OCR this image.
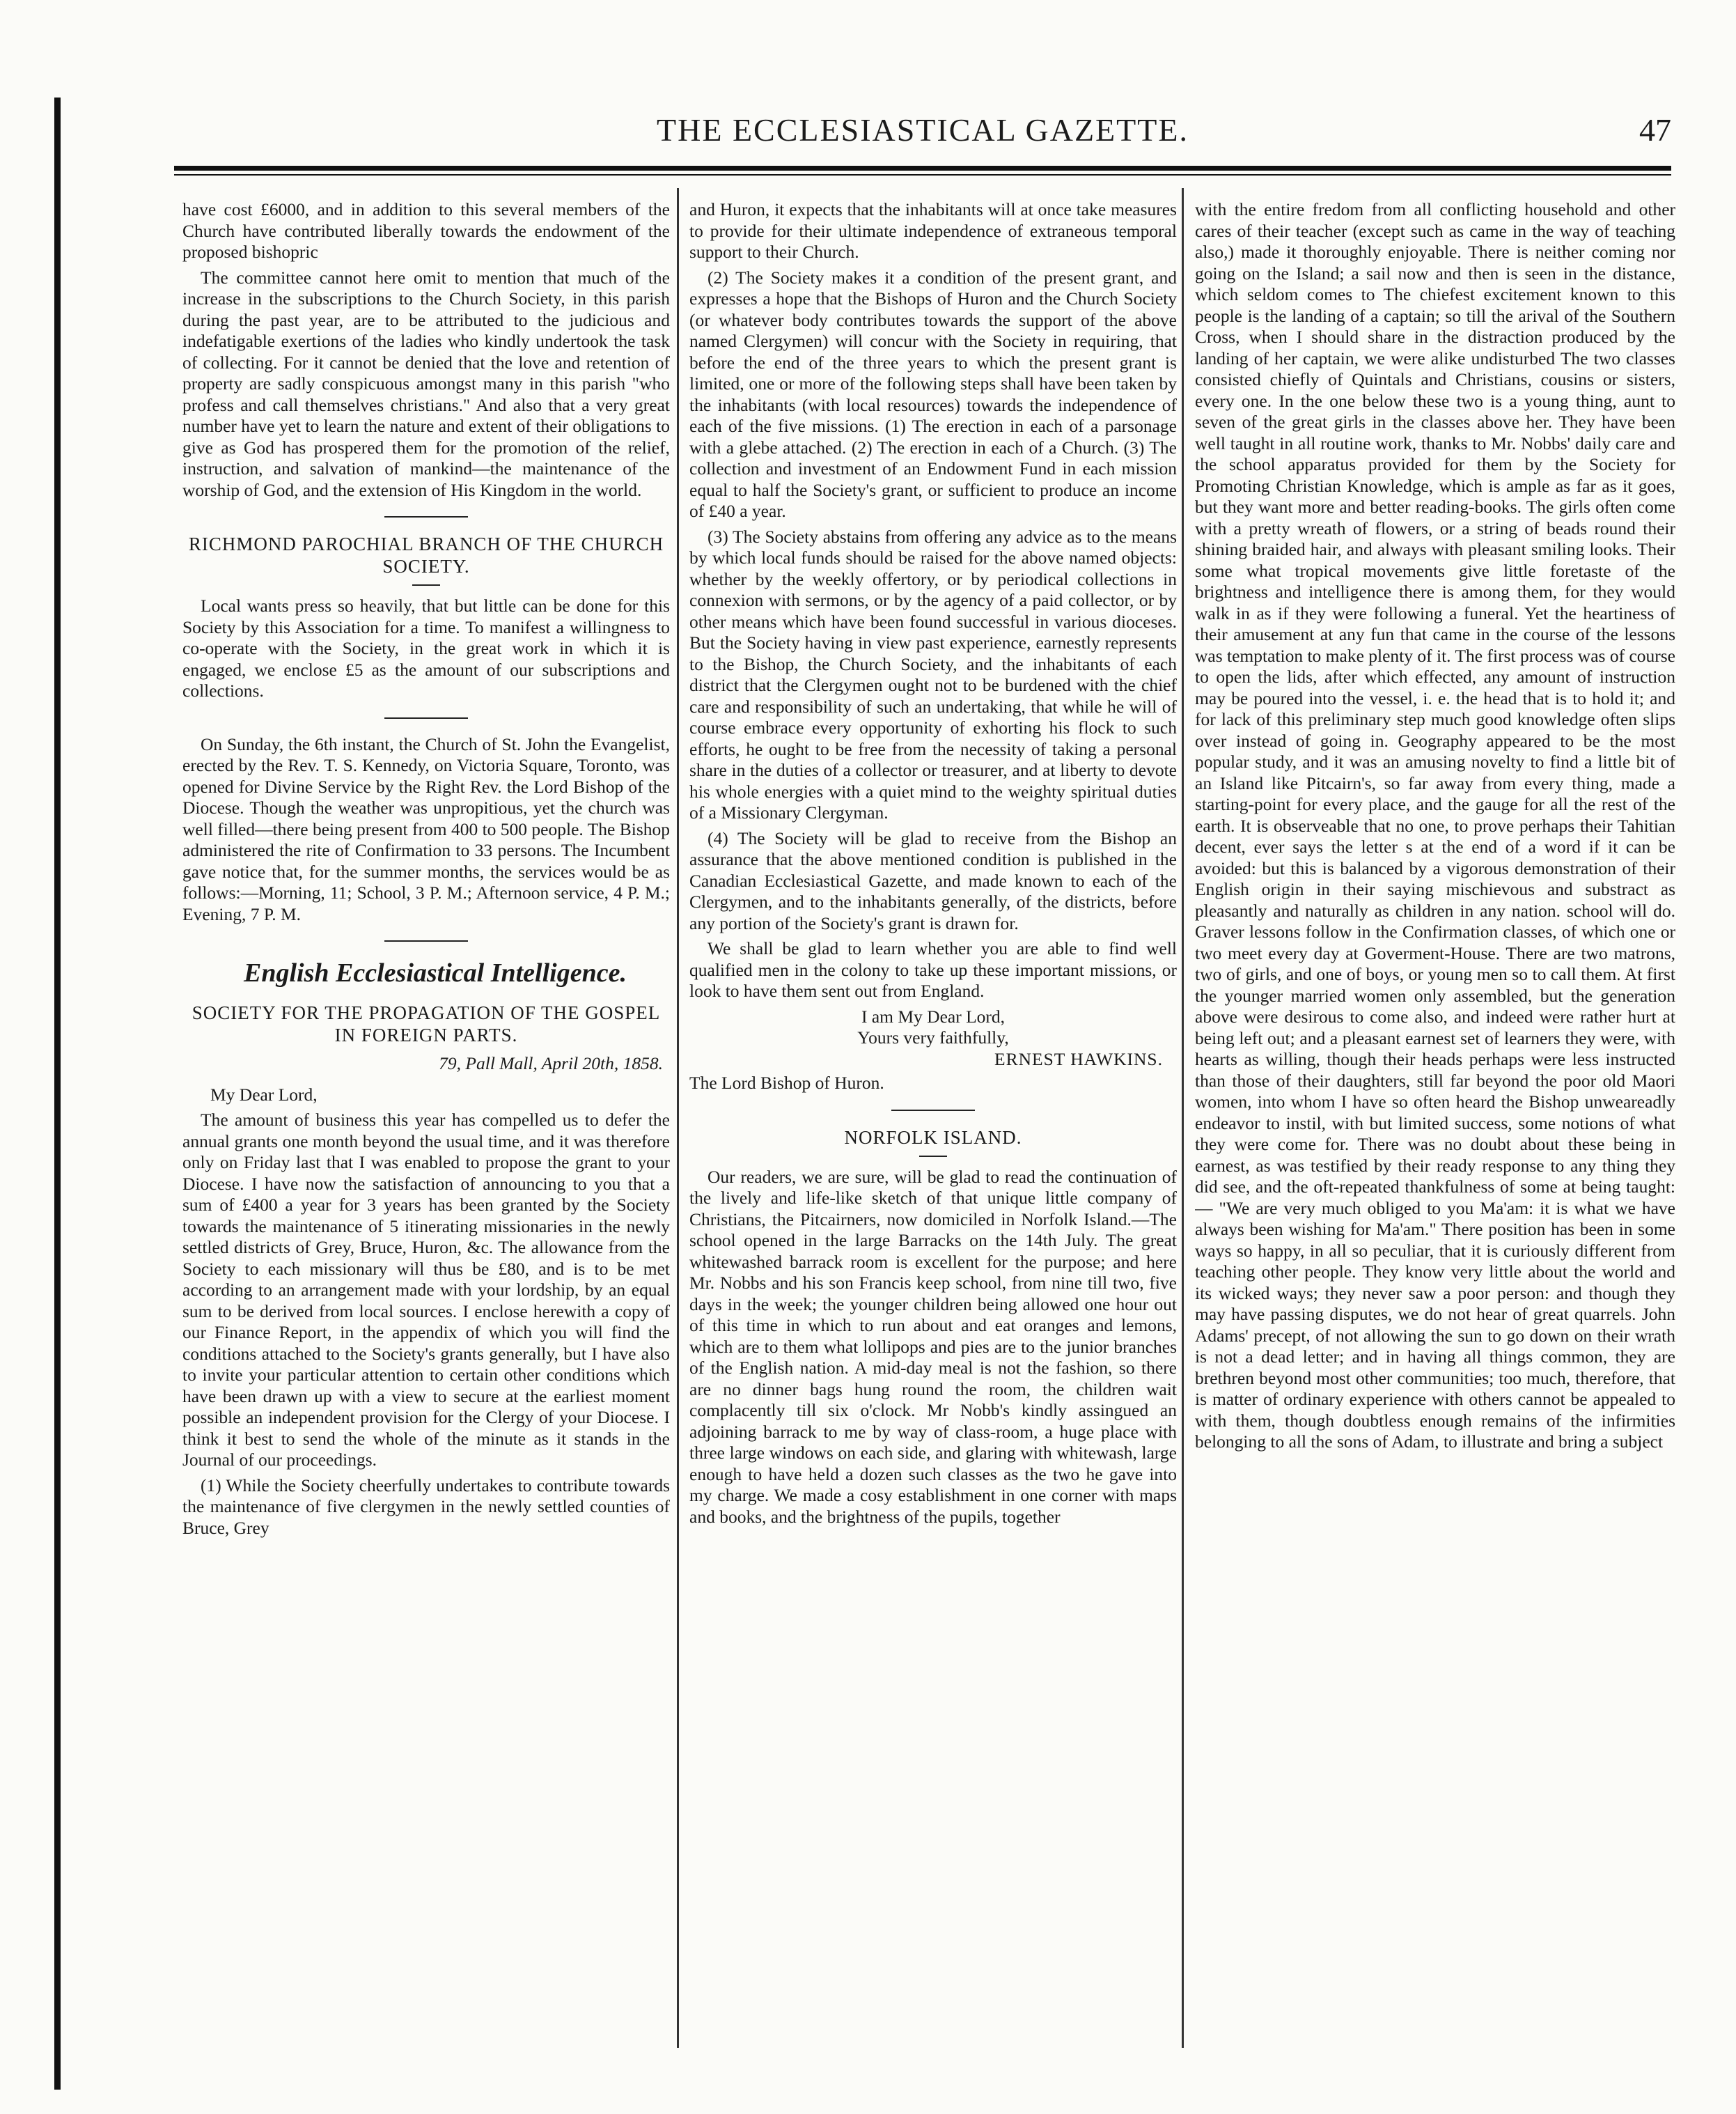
THE ECCLESIASTICAL GAZETTE.	47

have cost £6000, and in addition to this several members of the Church have contributed liberally towards the endowment of the proposed bishopric

The committee cannot here omit to mention that much of the increase in the subscriptions to the Church Society, in this parish during the past year, are to be attributed to the judicious and indefatigable exertions of the ladies who kindly undertook the task of collecting. For it cannot be denied that the love and retention of property are sadly conspicuous amongst many in this parish "who profess and call themselves christians." And also that a very great number have yet to learn the nature and extent of their obligations to give as God has prospered them for the promotion of the relief, instruction, and salvation of mankind—the maintenance of the worship of God, and the extension of His Kingdom in the world.

RICHMOND PAROCHIAL BRANCH OF THE CHURCH SOCIETY.

Local wants press so heavily, that but little can be done for this Society by this Association for a time. To manifest a willingness to co-operate with the Society, in the great work in which it is engaged, we enclose £5 as the amount of our subscriptions and collections.

On Sunday, the 6th instant, the Church of St. John the Evangelist, erected by the Rev. T. S. Kennedy, on Victoria Square, Toronto, was opened for Divine Service by the Right Rev. the Lord Bishop of the Diocese. Though the weather was unpropitious, yet the church was well filled—there being present from 400 to 500 people. The Bishop administered the rite of Confirmation to 33 persons. The Incumbent gave notice that, for the summer months, the services would be as follows:—Morning, 11; School, 3 P. M.; Afternoon service, 4 P. M.; Evening, 7 P. M.

English Ecclesiastical Intelligence.

SOCIETY FOR THE PROPAGATION OF THE GOSPEL IN FOREIGN PARTS.

79, Pall Mall, April 20th, 1858.

My Dear Lord,

The amount of business this year has compelled us to defer the annual grants one month beyond the usual time, and it was therefore only on Friday last that I was enabled to propose the grant to your Diocese. I have now the satisfaction of announcing to you that a sum of £400 a year for 3 years has been granted by the Society towards the maintenance of 5 itinerating missionaries in the newly settled districts of Grey, Bruce, Huron, &c. The allowance from the Society to each missionary will thus be £80, and is to be met according to an arrangement made with your lordship, by an equal sum to be derived from local sources. I enclose herewith a copy of our Finance Report, in the appendix of which you will find the conditions attached to the Society's grants generally, but I have also to invite your particular attention to certain other conditions which have been drawn up with a view to secure at the earliest moment possible an independent provision for the Clergy of your Diocese. I think it best to send the whole of the minute as it stands in the Journal of our proceedings.

(1) While the Society cheerfully undertakes to contribute towards the maintenance of five clergymen in the newly settled counties of Bruce, Grey

and Huron, it expects that the inhabitants will at once take measures to provide for their ultimate independence of extraneous temporal support to their Church.

(2) The Society makes it a condition of the present grant, and expresses a hope that the Bishops of Huron and the Church Society (or whatever body contributes towards the support of the above named Clergymen) will concur with the Society in requiring, that before the end of the three years to which the present grant is limited, one or more of the following steps shall have been taken by the inhabitants (with local resources) towards the independence of each of the five missions. (1) The erection in each of a parsonage with a glebe attached. (2) The erection in each of a Church. (3) The collection and investment of an Endowment Fund in each mission equal to half the Society's grant, or sufficient to produce an income of £40 a year.

(3) The Society abstains from offering any advice as to the means by which local funds should be raised for the above named objects: whether by the weekly offertory, or by periodical collections in connexion with sermons, or by the agency of a paid collector, or by other means which have been found successful in various dioceses. But the Society having in view past experience, earnestly represents to the Bishop, the Church Society, and the inhabitants of each district that the Clergymen ought not to be burdened with the chief care and responsibility of such an undertaking, that while he will of course embrace every opportunity of exhorting his flock to such efforts, he ought to be free from the necessity of taking a personal share in the duties of a collector or treasurer, and at liberty to devote his whole energies with a quiet mind to the weighty spiritual duties of a Missionary Clergyman.

(4) The Society will be glad to receive from the Bishop an assurance that the above mentioned condition is published in the Canadian Ecclesiastical Gazette, and made known to each of the Clergymen, and to the inhabitants generally, of the districts, before any portion of the Society's grant is drawn for.

We shall be glad to learn whether you are able to find well qualified men in the colony to take up these important missions, or look to have them sent out from England.

I am My Dear Lord,

Yours very faithfully,

ERNEST HAWKINS.

The Lord Bishop of Huron.

NORFOLK ISLAND.

Our readers, we are sure, will be glad to read the continuation of the lively and life-like sketch of that unique little company of Christians, the Pitcairners, now domiciled in Norfolk Island.—The school opened in the large Barracks on the 14th July. The great whitewashed barrack room is excellent for the purpose; and here Mr. Nobbs and his son Francis keep school, from nine till two, five days in the week; the younger children being allowed one hour out of this time in which to run about and eat oranges and lemons, which are to them what lollipops and pies are to the junior branches of the English nation. A mid-day meal is not the fashion, so there are no dinner bags hung round the room, the children wait complacently till six o'clock. Mr Nobb's kindly assingued an adjoining barrack to me by way of class-room, a huge place with three large windows on each side, and glaring with whitewash, large enough to have held a dozen such classes as the two he gave into my charge. We made a cosy establishment in one corner with maps and books, and the brightness of the pupils, together

with the entire fredom from all conflicting household and other cares of their teacher (except such as came in the way of teaching also,) made it thoroughly enjoyable. There is neither coming nor going on the Island; a sail now and then is seen in the distance, which seldom comes to The chiefest excitement known to this people is the landing of a captain; so till the arival of the Southern Cross, when I should share in the distraction produced by the landing of her captain, we were alike undisturbed The two classes consisted chiefly of Quintals and Christians, cousins or sisters, every one. In the one below these two is a young thing, aunt to seven of the great girls in the classes above her. They have been well taught in all routine work, thanks to Mr. Nobbs' daily care and the school apparatus provided for them by the Society for Promoting Christian Knowledge, which is ample as far as it goes, but they want more and better reading-books. The girls often come with a pretty wreath of flowers, or a string of beads round their shining braided hair, and always with pleasant smiling looks. Their some what tropical movements give little foretaste of the brightness and intelligence there is among them, for they would walk in as if they were following a funeral. Yet the heartiness of their amusement at any fun that came in the course of the lessons was temptation to make plenty of it. The first process was of course to open the lids, after which effected, any amount of instruction may be poured into the vessel, i. e. the head that is to hold it; and for lack of this preliminary step much good knowledge often slips over instead of going in. Geography appeared to be the most popular study, and it was an amusing novelty to find a little bit of an Island like Pitcairn's, so far away from every thing, made a starting-point for every place, and the gauge for all the rest of the earth. It is observeable that no one, to prove perhaps their Tahitian decent, ever says the letter s at the end of a word if it can be avoided: but this is balanced by a vigorous demonstration of their English origin in their saying mischievous and substract as pleasantly and naturally as children in any nation. school will do. Graver lessons follow in the Confirmation classes, of which one or two meet every day at Goverment-House. There are two matrons, two of girls, and one of boys, or young men so to call them. At first the younger married women only assembled, but the generation above were desirous to come also, and indeed were rather hurt at being left out; and a pleasant earnest set of learners they were, with hearts as willing, though their heads perhaps were less instructed than those of their daughters, still far beyond the poor old Maori women, into whom I have so often heard the Bishop unweareadly endeavor to instil, with but limited success, some notions of what they were come for. There was no doubt about these being in earnest, as was testified by their ready response to any thing they did see, and the oft-repeated thankfulness of some at being taught:— "We are very much obliged to you Ma'am: it is what we have always been wishing for Ma'am." There position has been in some ways so happy, in all so peculiar, that it is curiously different from teaching other people. They know very little about the world and its wicked ways; they never saw a poor person: and though they may have passing disputes, we do not hear of great quarrels. John Adams' precept, of not allowing the sun to go down on their wrath is not a dead letter; and in having all things common, they are brethren beyond most other communities; too much, therefore, that is matter of ordinary experience with others cannot be appealed to with them, though doubtless enough remains of the infirmities belonging to all the sons of Adam, to illustrate and bring a subject
